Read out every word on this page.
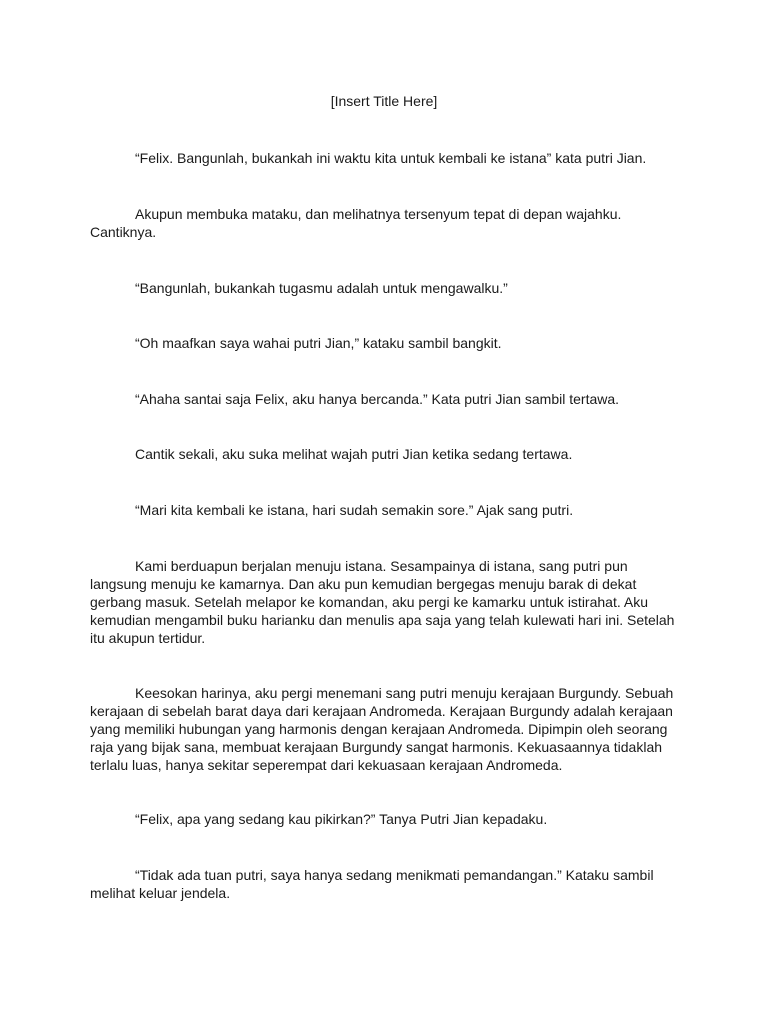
[Insert Title Here]

“Felix. Bangunlah, bukankah ini waktu kita untuk kembali ke istana” kata putri Jian.

Akupun membuka mataku, dan melihatnya tersenyum tepat di depan wajahku.
Cantiknya.

“Bangunlah, bukankah tugasmu adalah untuk mengawalku.”

“Oh maafkan saya wahai putri Jian,” kataku sambil bangkit.

“Ahaha santai saja Felix, aku hanya bercanda.” Kata putri Jian sambil tertawa.

Cantik sekali, aku suka melihat wajah putri Jian ketika sedang tertawa.

“Mari kita kembali ke istana, hari sudah semakin sore.” Ajak sang putri.

Kami berduapun berjalan menuju istana. Sesampainya di istana, sang putri pun
langsung menuju ke kamarnya. Dan aku pun kemudian bergegas menuju barak di dekat
gerbang masuk. Setelah melapor ke komandan, aku pergi ke kamarku untuk istirahat. Aku
kemudian mengambil buku harianku dan menulis apa saja yang telah kulewati hari ini. Setelah
itu akupun tertidur.

Keesokan harinya, aku pergi menemani sang putri menuju kerajaan Burgundy. Sebuah
kerajaan di sebelah barat daya dari kerajaan Andromeda. Kerajaan Burgundy adalah kerajaan
yang memiliki hubungan yang harmonis dengan kerajaan Andromeda. Dipimpin oleh seorang
raja yang bijak sana, membuat kerajaan Burgundy sangat harmonis. Kekuasaannya tidaklah
terlalu luas, hanya sekitar seperempat dari kekuasaan kerajaan Andromeda.

“Felix, apa yang sedang kau pikirkan?” Tanya Putri Jian kepadaku.

“Tidak ada tuan putri, saya hanya sedang menikmati pemandangan.” Kataku sambil
melihat keluar jendela.
